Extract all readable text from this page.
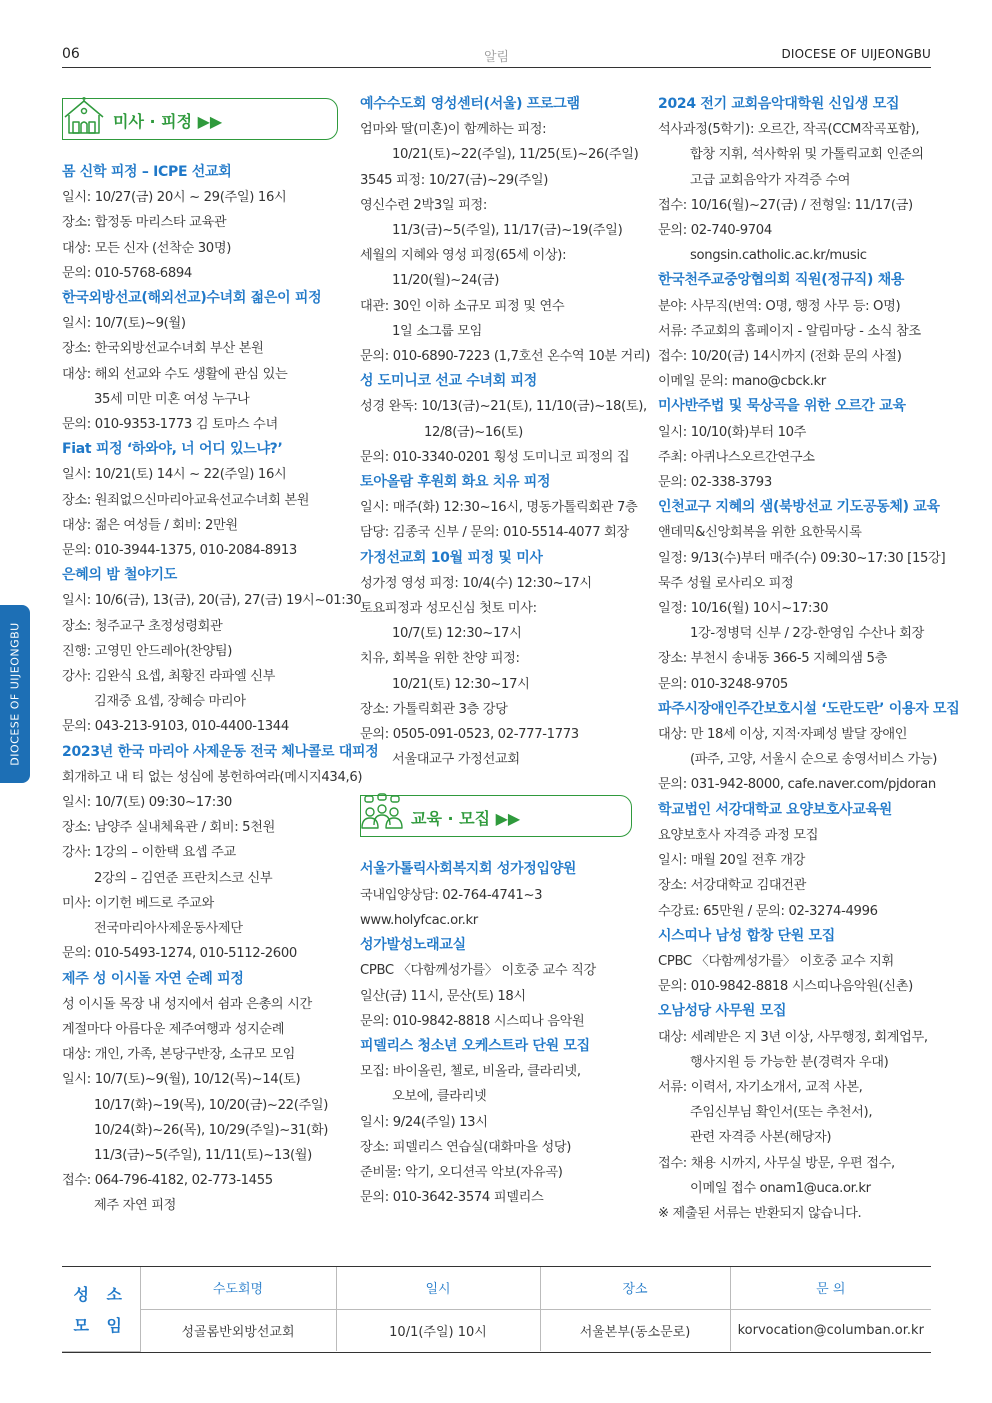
06	알림	DIOCESE OF UIJEONGBU
DIOCESE OF UIJEONGBU
미사 · 피정 ▶▶
몸 신학 피정 – ICPE 선교회
일시: 10/27(금) 20시 ~ 29(주일) 16시
장소: 합정동 마리스타 교육관
대상: 모든 신자 (선착순 30명)
문의: 010-5768-6894
한국외방선교(해외선교)수녀회 젊은이 피정
일시: 10/7(토)~9(월)
장소: 한국외방선교수녀회 부산 본원
대상: 해외 선교와 수도 생활에 관심 있는
35세 미만 미혼 여성 누구나
문의: 010-9353-1773 김 토마스 수녀
Fiat 피정 ‘하와야, 너 어디 있느냐?’
일시: 10/21(토) 14시 ~ 22(주일) 16시
장소: 원죄없으신마리아교육선교수녀회 본원
대상: 젊은 여성들 / 회비: 2만원
문의: 010-3944-1375, 010-2084-8913
은혜의 밤 철야기도
일시: 10/6(금), 13(금), 20(금), 27(금) 19시~01:30
장소: 청주교구 초정성령회관
진행: 고영민 안드레아(찬양팀)
강사: 김완식 요셉, 최황진 라파엘 신부
김재중 요셉, 장혜승 마리아
문의: 043-213-9103, 010-4400-1344
2023년 한국 마리아 사제운동 전국 체나콜로 대피정
회개하고 내 티 없는 성심에 봉헌하여라(메시지434,6)
일시: 10/7(토) 09:30~17:30
장소: 남양주 실내체육관 / 회비: 5천원
강사: 1강의 – 이한택 요셉 주교
2강의 – 김연준 프란치스코 신부
미사: 이기헌 베드로 주교와
전국마리아사제운동사제단
문의: 010-5493-1274, 010-5112-2600
제주 성 이시돌 자연 순례 피정
성 이시돌 목장 내 성지에서 쉼과 은총의 시간
계절마다 아름다운 제주여행과 성지순례
대상: 개인, 가족, 본당구반장, 소규모 모임
일시: 10/7(토)~9(월), 10/12(목)~14(토)
10/17(화)~19(목), 10/20(금)~22(주일)
10/24(화)~26(목), 10/29(주일)~31(화)
11/3(금)~5(주일), 11/11(토)~13(월)
접수: 064-796-4182, 02-773-1455
제주 자연 피정
예수수도회 영성센터(서울) 프로그램
엄마와 딸(미혼)이 함께하는 피정:
10/21(토)~22(주일), 11/25(토)~26(주일)
3545 피정: 10/27(금)~29(주일)
영신수련 2박3일 피정:
11/3(금)~5(주일), 11/17(금)~19(주일)
세월의 지혜와 영성 피정(65세 이상):
11/20(월)~24(금)
대관: 30인 이하 소규모 피정 및 연수
1일 소그룹 모임
문의: 010-6890-7223 (1,7호선 온수역 10분 거리)
성 도미니코 선교 수녀회 피정
성경 완독: 10/13(금)~21(토), 11/10(금)~18(토),
12/8(금)~16(토)
문의: 010-3340-0201 횡성 도미니코 피정의 집
토아올람 후원회 화요 치유 피정
일시: 매주(화) 12:30~16시, 명동가톨릭회관 7층
담당: 김종국 신부 / 문의: 010-5514-4077 회장
가정선교회 10월 피정 및 미사
성가정 영성 피정: 10/4(수) 12:30~17시
토요피정과 성모신심 첫토 미사:
10/7(토) 12:30~17시
치유, 회복을 위한 찬양 피정:
10/21(토) 12:30~17시
장소: 가톨릭회관 3층 강당
문의: 0505-091-0523, 02-777-1773
서울대교구 가정선교회
교육 · 모집 ▶▶
서울가톨릭사회복지회 성가정입양원
국내입양상담: 02-764-4741~3
www.holyfcac.or.kr
성가발성노래교실
CPBC 〈다함께성가를〉 이호중 교수 직강
일산(금) 11시, 문산(토) 18시
문의: 010-9842-8818 시스띠나 음악원
피델리스 청소년 오케스트라 단원 모집
모집: 바이올린, 첼로, 비올라, 클라리넷,
오보에, 클라리넷
일시: 9/24(주일) 13시
장소: 피델리스 연습실(대화마을 성당)
준비물: 악기, 오디션곡 악보(자유곡)
문의: 010-3642-3574 피델리스
2024 전기 교회음악대학원 신입생 모집
석사과정(5학기): 오르간, 작곡(CCM작곡포함),
합창 지휘, 석사학위 및 가톨릭교회 인준의
고급 교회음악가 자격증 수여
접수: 10/16(월)~27(금) / 전형일: 11/17(금)
문의: 02-740-9704
songsin.catholic.ac.kr/music
한국천주교중앙협의회 직원(정규직) 채용
분야: 사무직(번역: O명, 행정 사무 등: O명)
서류: 주교회의 홈페이지 - 알림마당 - 소식 참조
접수: 10/20(금) 14시까지 (전화 문의 사절)
이메일 문의: mano@cbck.kr
미사반주법 및 묵상곡을 위한 오르간 교육
일시: 10/10(화)부터 10주
주최: 아퀴나스오르간연구소
문의: 02-338-3793
인천교구 지혜의 샘(북방선교 기도공동체) 교육
앤데믹&신앙회복을 위한 요한묵시록
일정: 9/13(수)부터 매주(수) 09:30~17:30 [15강]
묵주 성월 로사리오 피정
일정: 10/16(월) 10시~17:30
1강-정병덕 신부 / 2강-한영임 수산나 회장
장소: 부천시 송내동 366-5 지혜의샘 5층
문의: 010-3248-9705
파주시장애인주간보호시설 ‘도란도란’ 이용자 모집
대상: 만 18세 이상, 지적·자폐성 발달 장애인
(파주, 고양, 서울시 순으로 송영서비스 가능)
문의: 031-942-8000, cafe.naver.com/pjdoran
학교법인 서강대학교 요양보호사교육원
요양보호사 자격증 과정 모집
일시: 매월 20일 전후 개강
장소: 서강대학교 김대건관
수강료: 65만원 / 문의: 02-3274-4996
시스띠나 남성 합창 단원 모집
CPBC 〈다함께성가를〉 이호중 교수 지휘
문의: 010-9842-8818 시스띠나음악원(신촌)
오남성당 사무원 모집
대상: 세례받은 지 3년 이상, 사무행정, 회계업무,
행사지원 등 가능한 분(경력자 우대)
서류: 이력서, 자기소개서, 교적 사본,
주임신부님 확인서(또는 추천서),
관련 자격증 사본(해당자)
접수: 채용 시까지, 사무실 방문, 우편 접수,
이메일 접수 onam1@uca.or.kr
※ 제출된 서류는 반환되지 않습니다.
성 소
모 임	수도회명	일시	장소	문 의
	성골롬반외방선교회	10/1(주일) 10시	서울본부(동소문로)	korvocation@columban.or.kr
